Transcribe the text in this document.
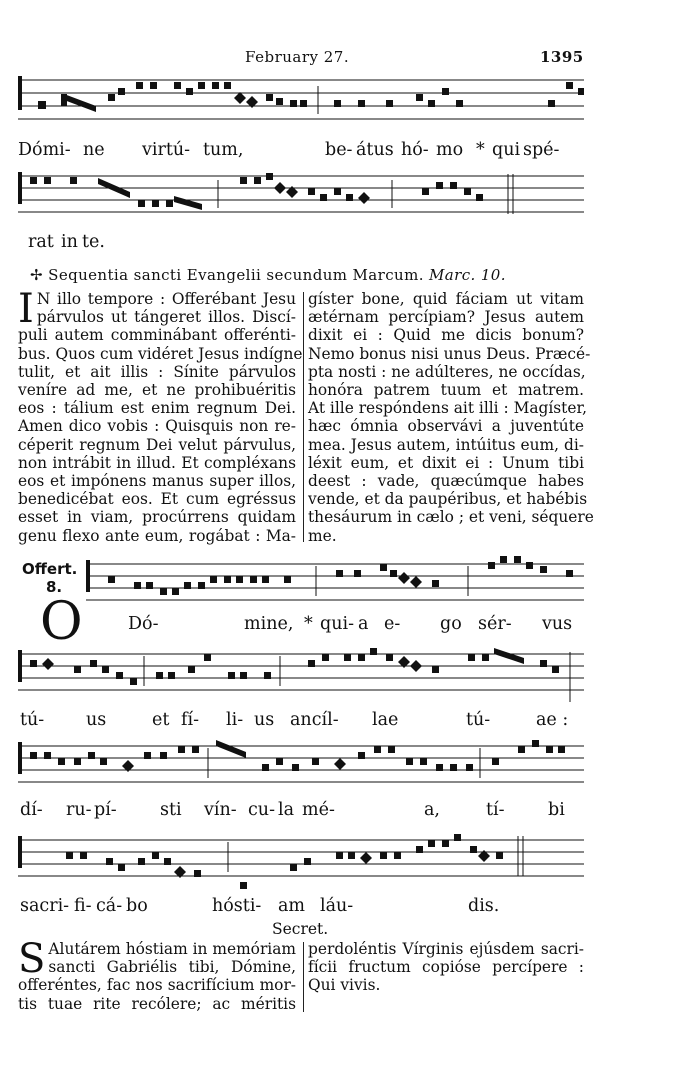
February 27.	1395
Dómi- ne virtú- tum,	be- átus hó- mo * qui spé-
rat in te.
✢ Sequentia sancti Evangelii secundum Marcum. Marc. 10.
I N illo tempore : Offerébant Jesu
párvulos ut tángeret illos. Discí-
puli autem comminábant offerénti-
bus. Quos cum vidéret Jesus indígne
tulit, et ait illis : Sínite párvulos
veníre ad me, et ne prohibuéritis
eos : tálium est enim regnum Dei.
Amen dico vobis : Quisquis non re-
céperit regnum Dei velut párvulus,
non intrábit in illud. Et compléxans
eos et impónens manus super illos,
benedicébat eos. Et cum egréssus
esset in viam, procúrrens quidam
genu flexo ante eum, rogábat : Ma-
gíster bone, quid fáciam ut vitam
ætérnam percípiam? Jesus autem
dixit ei : Quid me dicis bonum?
Nemo bonus nisi unus Deus. Præcé-
pta nosti : ne adúlteres, ne occídas,
honóra patrem tuum et matrem.
At ille respóndens ait illi : Magíster,
hæc ómnia observávi a juventúte
mea. Jesus autem, intúitus eum, di-
léxit eum, et dixit ei : Unum tibi
deest : vade, quæcúmque habes
vende, et da paupéribus, et habébis
thesáurum in cælo ; et veni, séquere
me.
Offert.
8.
O	Dó-	mine, * qui- a e- go sér- vus
tú- us	et fí- li- us ancíl- lae	tú-	ae :
dí- ru- pí- sti vín- cu- la mé-	a,	tí- bi
sacri- fi- cá- bo	hósti- am láu-	dis.
Secret.
S Alutárem hóstiam in memóriam
sancti Gabriélis tibi, Dómine,
offeréntes, fac nos sacrifícium mor-
tis tuae rite recólere; ac méritis
perdoléntis Vírginis ejúsdem sacri-
fícii fructum copióse percípere :
Qui vivis.
